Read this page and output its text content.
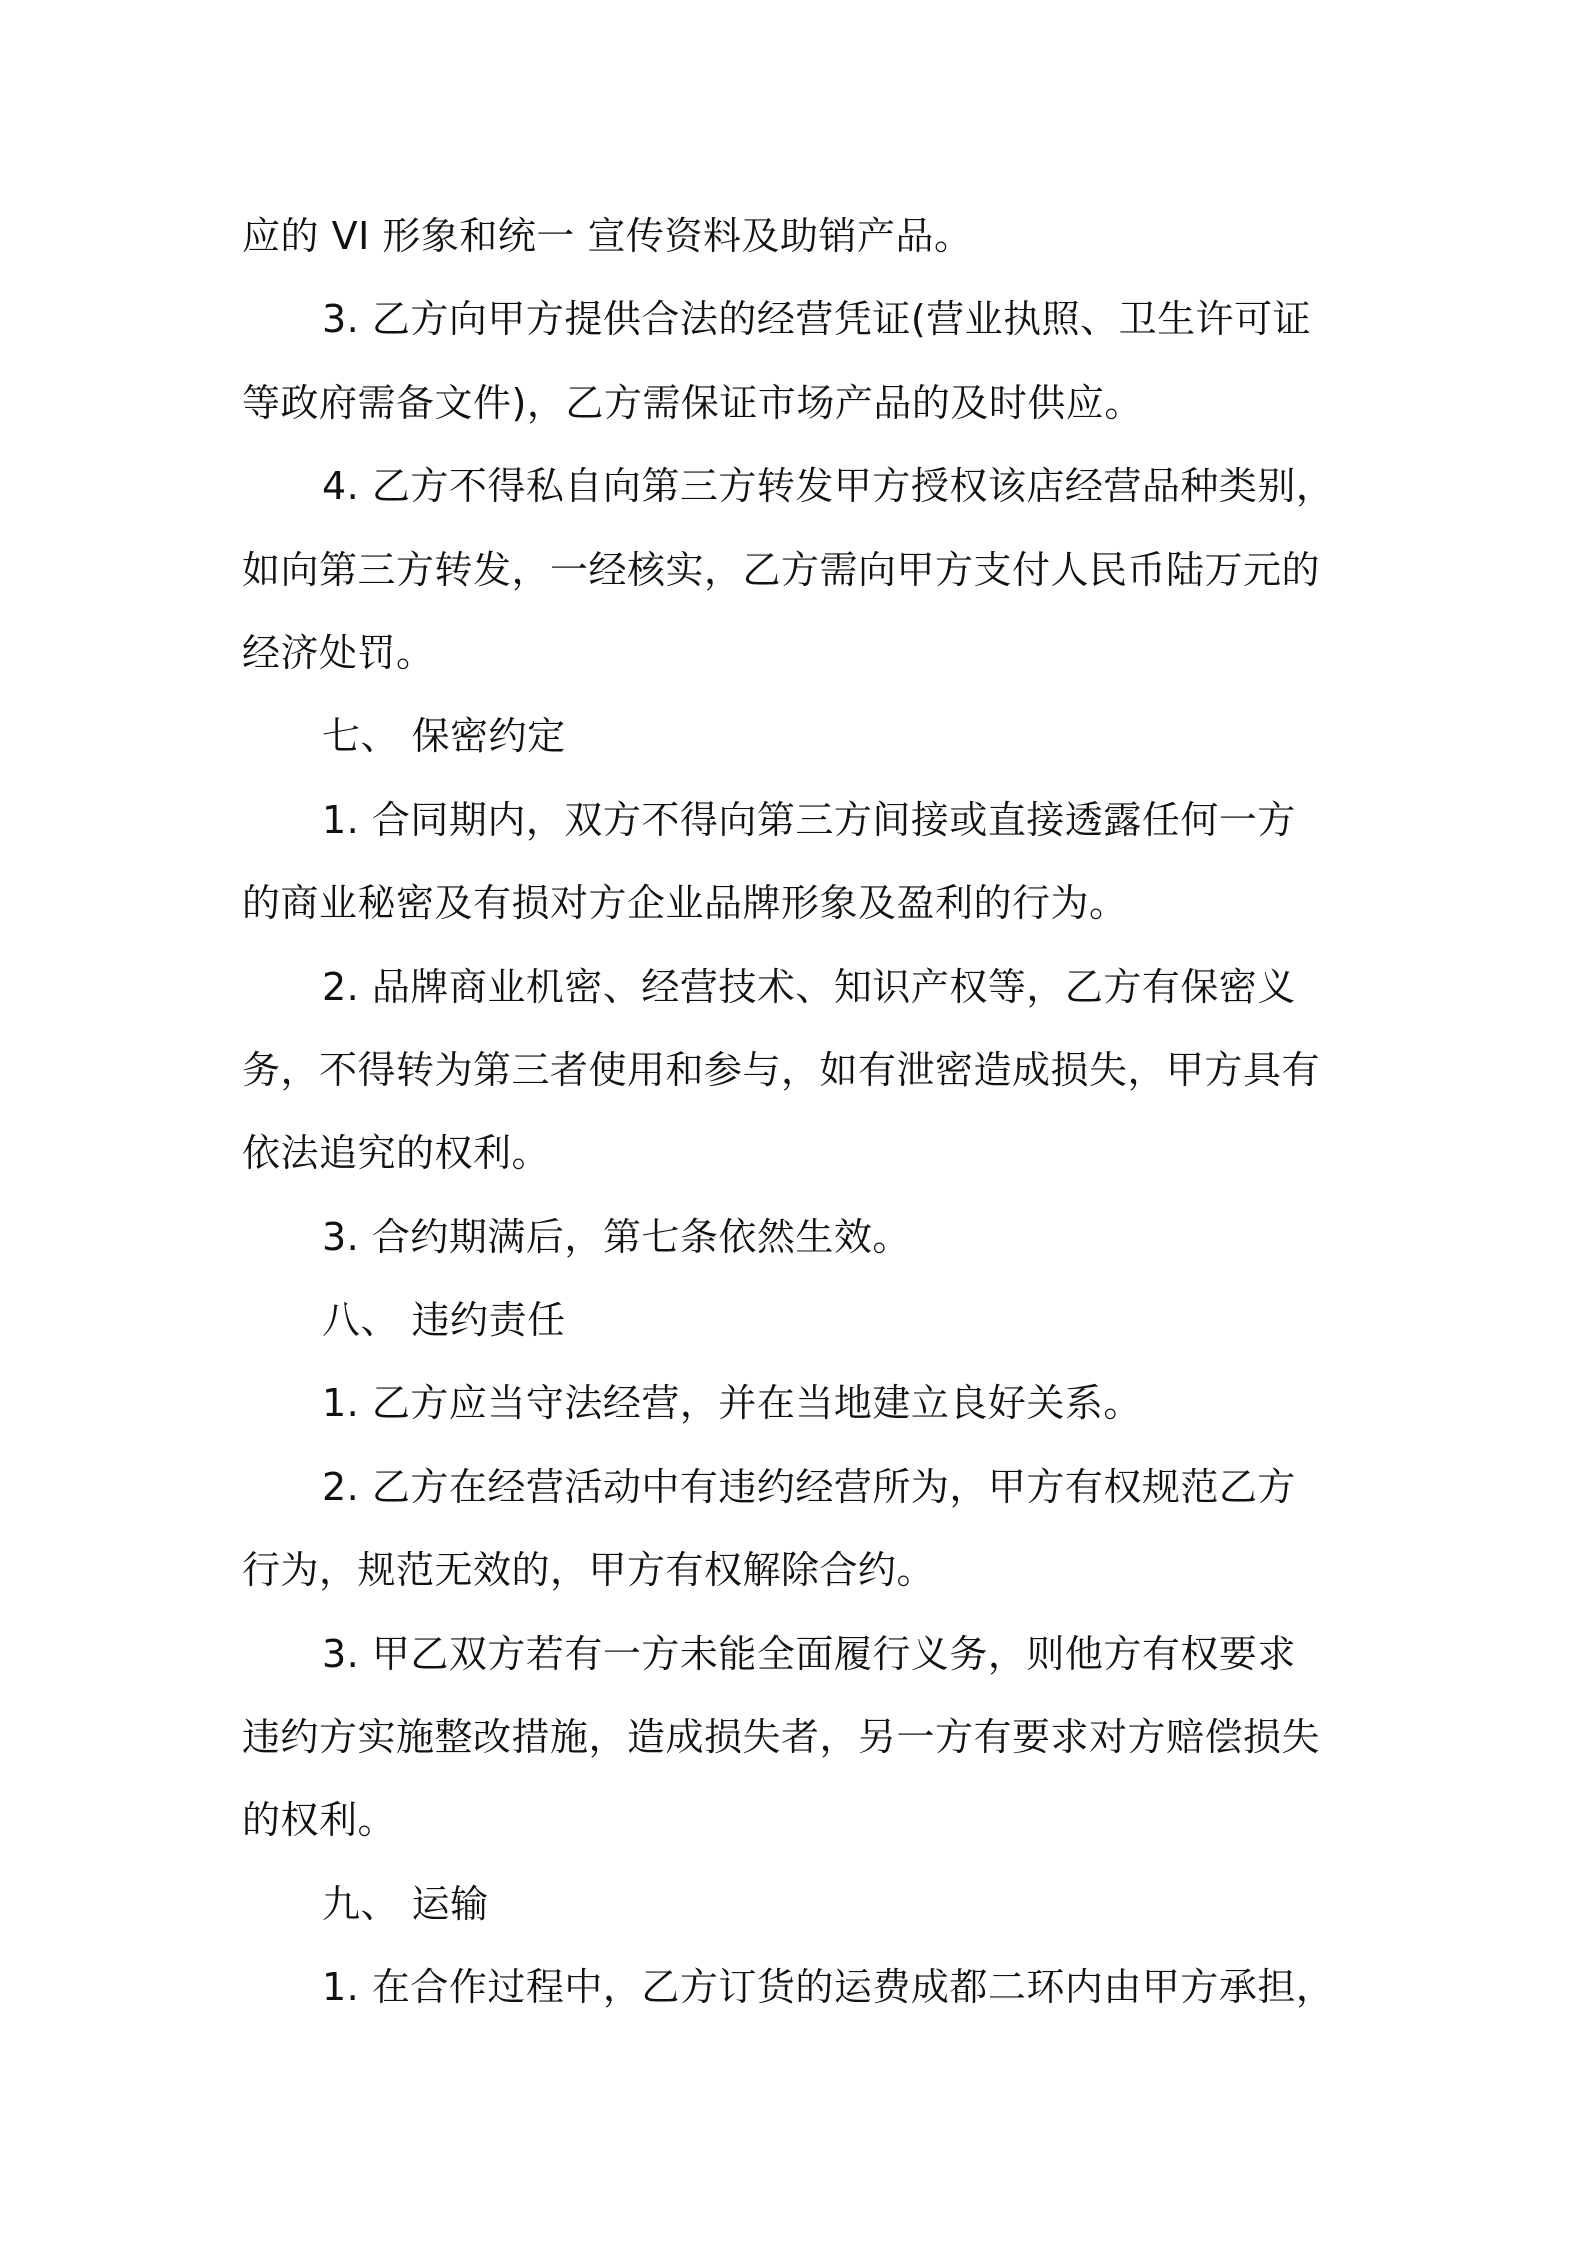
应的 VI 形象和统一 宣传资料及助销产品。
3. 乙方向甲方提供合法的经营凭证(营业执照、卫生许可证
等政府需备文件)，乙方需保证市场产品的及时供应。
4. 乙方不得私自向第三方转发甲方授权该店经营品种类别，
如向第三方转发，一经核实，乙方需向甲方支付人民币陆万元的
经济处罚。
七、 保密约定
1. 合同期内，双方不得向第三方间接或直接透露任何一方
的商业秘密及有损对方企业品牌形象及盈利的行为。
2. 品牌商业机密、经营技术、知识产权等，乙方有保密义
务，不得转为第三者使用和参与，如有泄密造成损失，甲方具有
依法追究的权利。
3. 合约期满后，第七条依然生效。
八、 违约责任
1. 乙方应当守法经营，并在当地建立良好关系。
2. 乙方在经营活动中有违约经营所为，甲方有权规范乙方
行为，规范无效的，甲方有权解除合约。
3. 甲乙双方若有一方未能全面履行义务，则他方有权要求
违约方实施整改措施，造成损失者，另一方有要求对方赔偿损失
的权利。
九、 运输
1. 在合作过程中，乙方订货的运费成都二环内由甲方承担，
